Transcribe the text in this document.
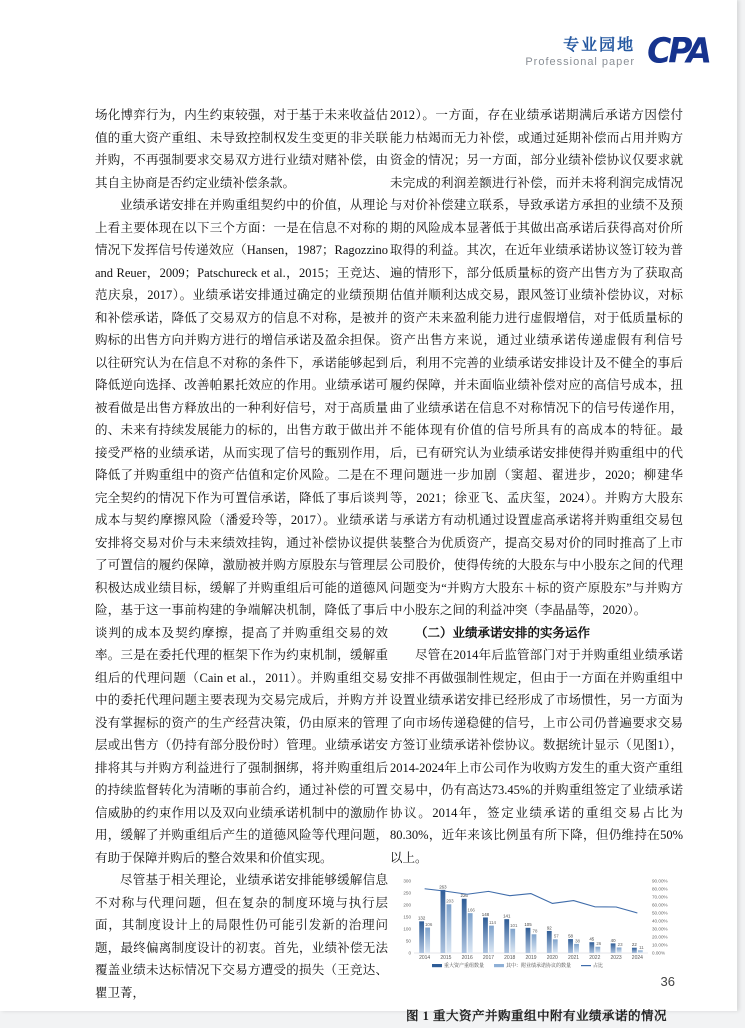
专业园地
Professional paper CPA

场化博弈行为，内生约束较强，对于基于未来收益估值的重大资产重组、未导致控制权发生变更的非关联并购，不再强制要求交易双方进行业绩对赌补偿，由其自主协商是否约定业绩补偿条款。

业绩承诺安排在并购重组契约中的价值，从理论上看主要体现在以下三个方面：一是在信息不对称的情况下发挥信号传递效应（Hansen，1987；Ragozzino and Reuer，2009；Patschureck et al.，2015；王竞达、范庆泉，2017）。业绩承诺安排通过确定的业绩预期和补偿承诺，降低了交易双方的信息不对称，是被并购标的出售方向并购方进行的增信承诺及盈余担保。以往研究认为在信息不对称的条件下，承诺能够起到降低逆向选择、改善帕累托效应的作用。业绩承诺可被看做是出售方释放出的一种利好信号，对于高质量的、未来有持续发展能力的标的，出售方敢于做出并接受严格的业绩承诺，从而实现了信号的甄别作用，降低了并购重组中的资产估值和定价风险。二是在不完全契约的情况下作为可置信承诺，降低了事后谈判成本与契约摩擦风险（潘爱玲等，2017）。业绩承诺安排将交易对价与未来绩效挂钩，通过补偿协议提供了可置信的履约保障，激励被并购方原股东与管理层积极达成业绩目标，缓解了并购重组后可能的道德风险，基于这一事前构建的争端解决机制，降低了事后谈判的成本及契约摩擦，提高了并购重组交易的效率。三是在委托代理的框架下作为约束机制，缓解重组后的代理问题（Cain et al.，2011）。并购重组交易中的委托代理问题主要表现为交易完成后，并购方并没有掌握标的资产的生产经营决策，仍由原来的管理层或出售方（仍持有部分股份时）管理。业绩承诺安排将其与并购方利益进行了强制捆绑，将并购重组后的持续监督转化为清晰的事前合约，通过补偿的可置信威胁的约束作用以及双向业绩承诺机制中的激励作用，缓解了并购重组后产生的道德风险等代理问题，有助于保障并购后的整合效果和价值实现。

尽管基于相关理论，业绩承诺安排能够缓解信息不对称与代理问题，但在复杂的制度环境与执行层面，其制度设计上的局限性仍可能引发新的治理问题，最终偏离制度设计的初衷。首先，业绩补偿无法覆盖业绩未达标情况下交易方遭受的损失（王竞达、瞿卫菁，

2012）。一方面，存在业绩承诺期满后承诺方因偿付能力枯竭而无力补偿，或通过延期补偿而占用并购方资金的情况；另一方面，部分业绩补偿协议仅要求就未完成的利润差额进行补偿，而并未将利润完成情况与对价补偿建立联系，导致承诺方承担的业绩不及预期的风险成本显著低于其做出高承诺后获得高对价所取得的利益。其次，在近年业绩承诺协议签订较为普遍的情形下，部分低质量标的资产出售方为了获取高估值并顺利达成交易，跟风签订业绩补偿协议，对标的资产未来盈利能力进行虚假增信，对于低质量标的资产出售方来说，通过业绩承诺传递虚假有利信号后，利用不完善的业绩承诺安排设计及不健全的事后履约保障，并未面临业绩补偿对应的高信号成本，扭曲了业绩承诺在信息不对称情况下的信号传递作用，不能体现有价值的信号所具有的高成本的特征。最后，已有研究认为业绩承诺安排使得并购重组中的代理问题进一步加剧（窦超、翟进步，2020；柳建华等，2021；徐亚飞、孟庆玺，2024）。并购方大股东与承诺方有动机通过设置虚高承诺将并购重组交易包装整合为优质资产，提高交易对价的同时推高了上市公司股价，使得传统的大股东与中小股东之间的代理问题变为“并购方大股东＋标的资产原股东”与并购方中小股东之间的利益冲突（李晶晶等，2020）。

（二）业绩承诺安排的实务运作

尽管在2014年后监管部门对于并购重组业绩承诺安排不再做强制性规定，但由于一方面在并购重组中设置业绩承诺安排已经形成了市场惯性，另一方面为了向市场传递稳健的信号，上市公司仍普遍要求交易方签订业绩承诺补偿协议。数据统计显示（见图1），2014-2024年上市公司作为收购方发生的重大资产重组交易中，仍有高达73.45%的并购重组签定了业绩承诺协议。2014年，签定业绩承诺的重组交易占比为80.30%，近年来该比例虽有所下降，但仍维持在50%以上。

0
50
100
150
200
250
300
0.00%
10.00%
20.00%
30.00%
40.00%
50.00%
60.00%
70.00%
80.00%
90.00%
132
106
2014
263
203
2015
226
166
2016
148
114
2017
141
101
2018
105
78
2019
92
57
2020
58
38
2021
45
26
2022
40
23
2023
22
11
2024
重大资产重组数量	其中：附业绩承诺协议的数量	占比
图 1 重大资产并购重组中附有业绩承诺的情况
36
